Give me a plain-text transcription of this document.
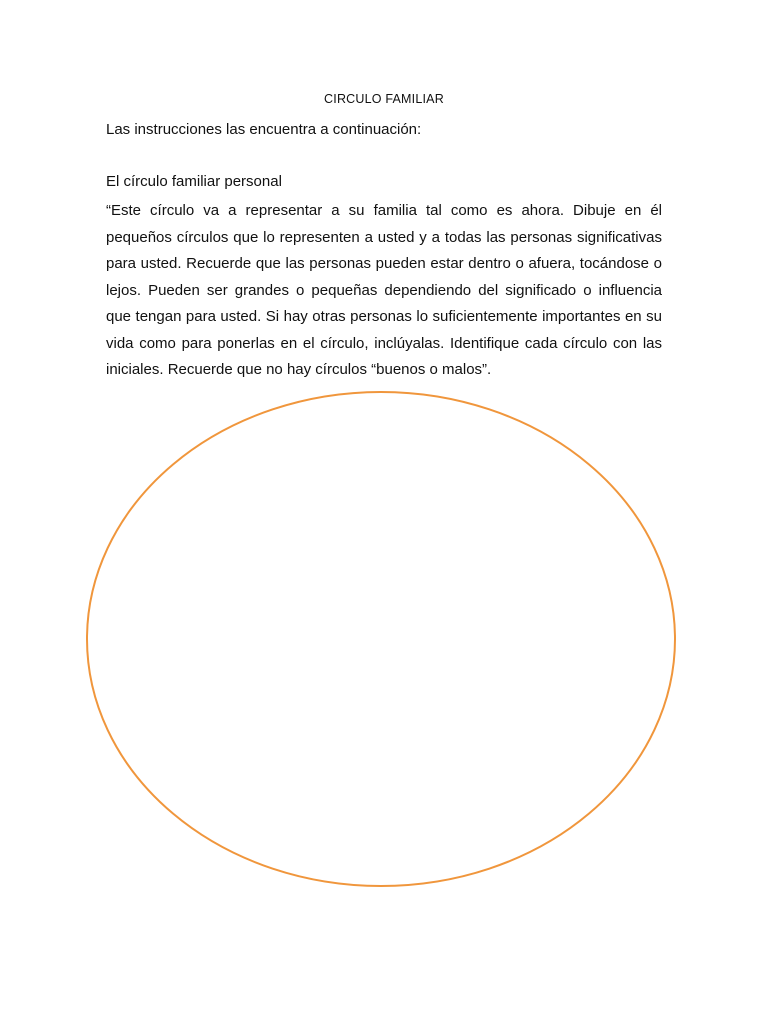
CIRCULO FAMILIAR
Las instrucciones las encuentra a continuación:
El círculo familiar personal

“Este círculo va a representar a su familia tal como es ahora. Dibuje en él pequeños círculos que lo representen a usted y a todas las personas significativas para usted. Recuerde que las personas pueden estar dentro o afuera, tocándose o lejos. Pueden ser grandes o pequeñas dependiendo del significado o influencia que tengan para usted. Si hay otras personas lo suficientemente importantes en su vida como para ponerlas en el círculo, inclúyalas. Identifique cada círculo con las iniciales. Recuerde que no hay círculos “buenos o malos”.
